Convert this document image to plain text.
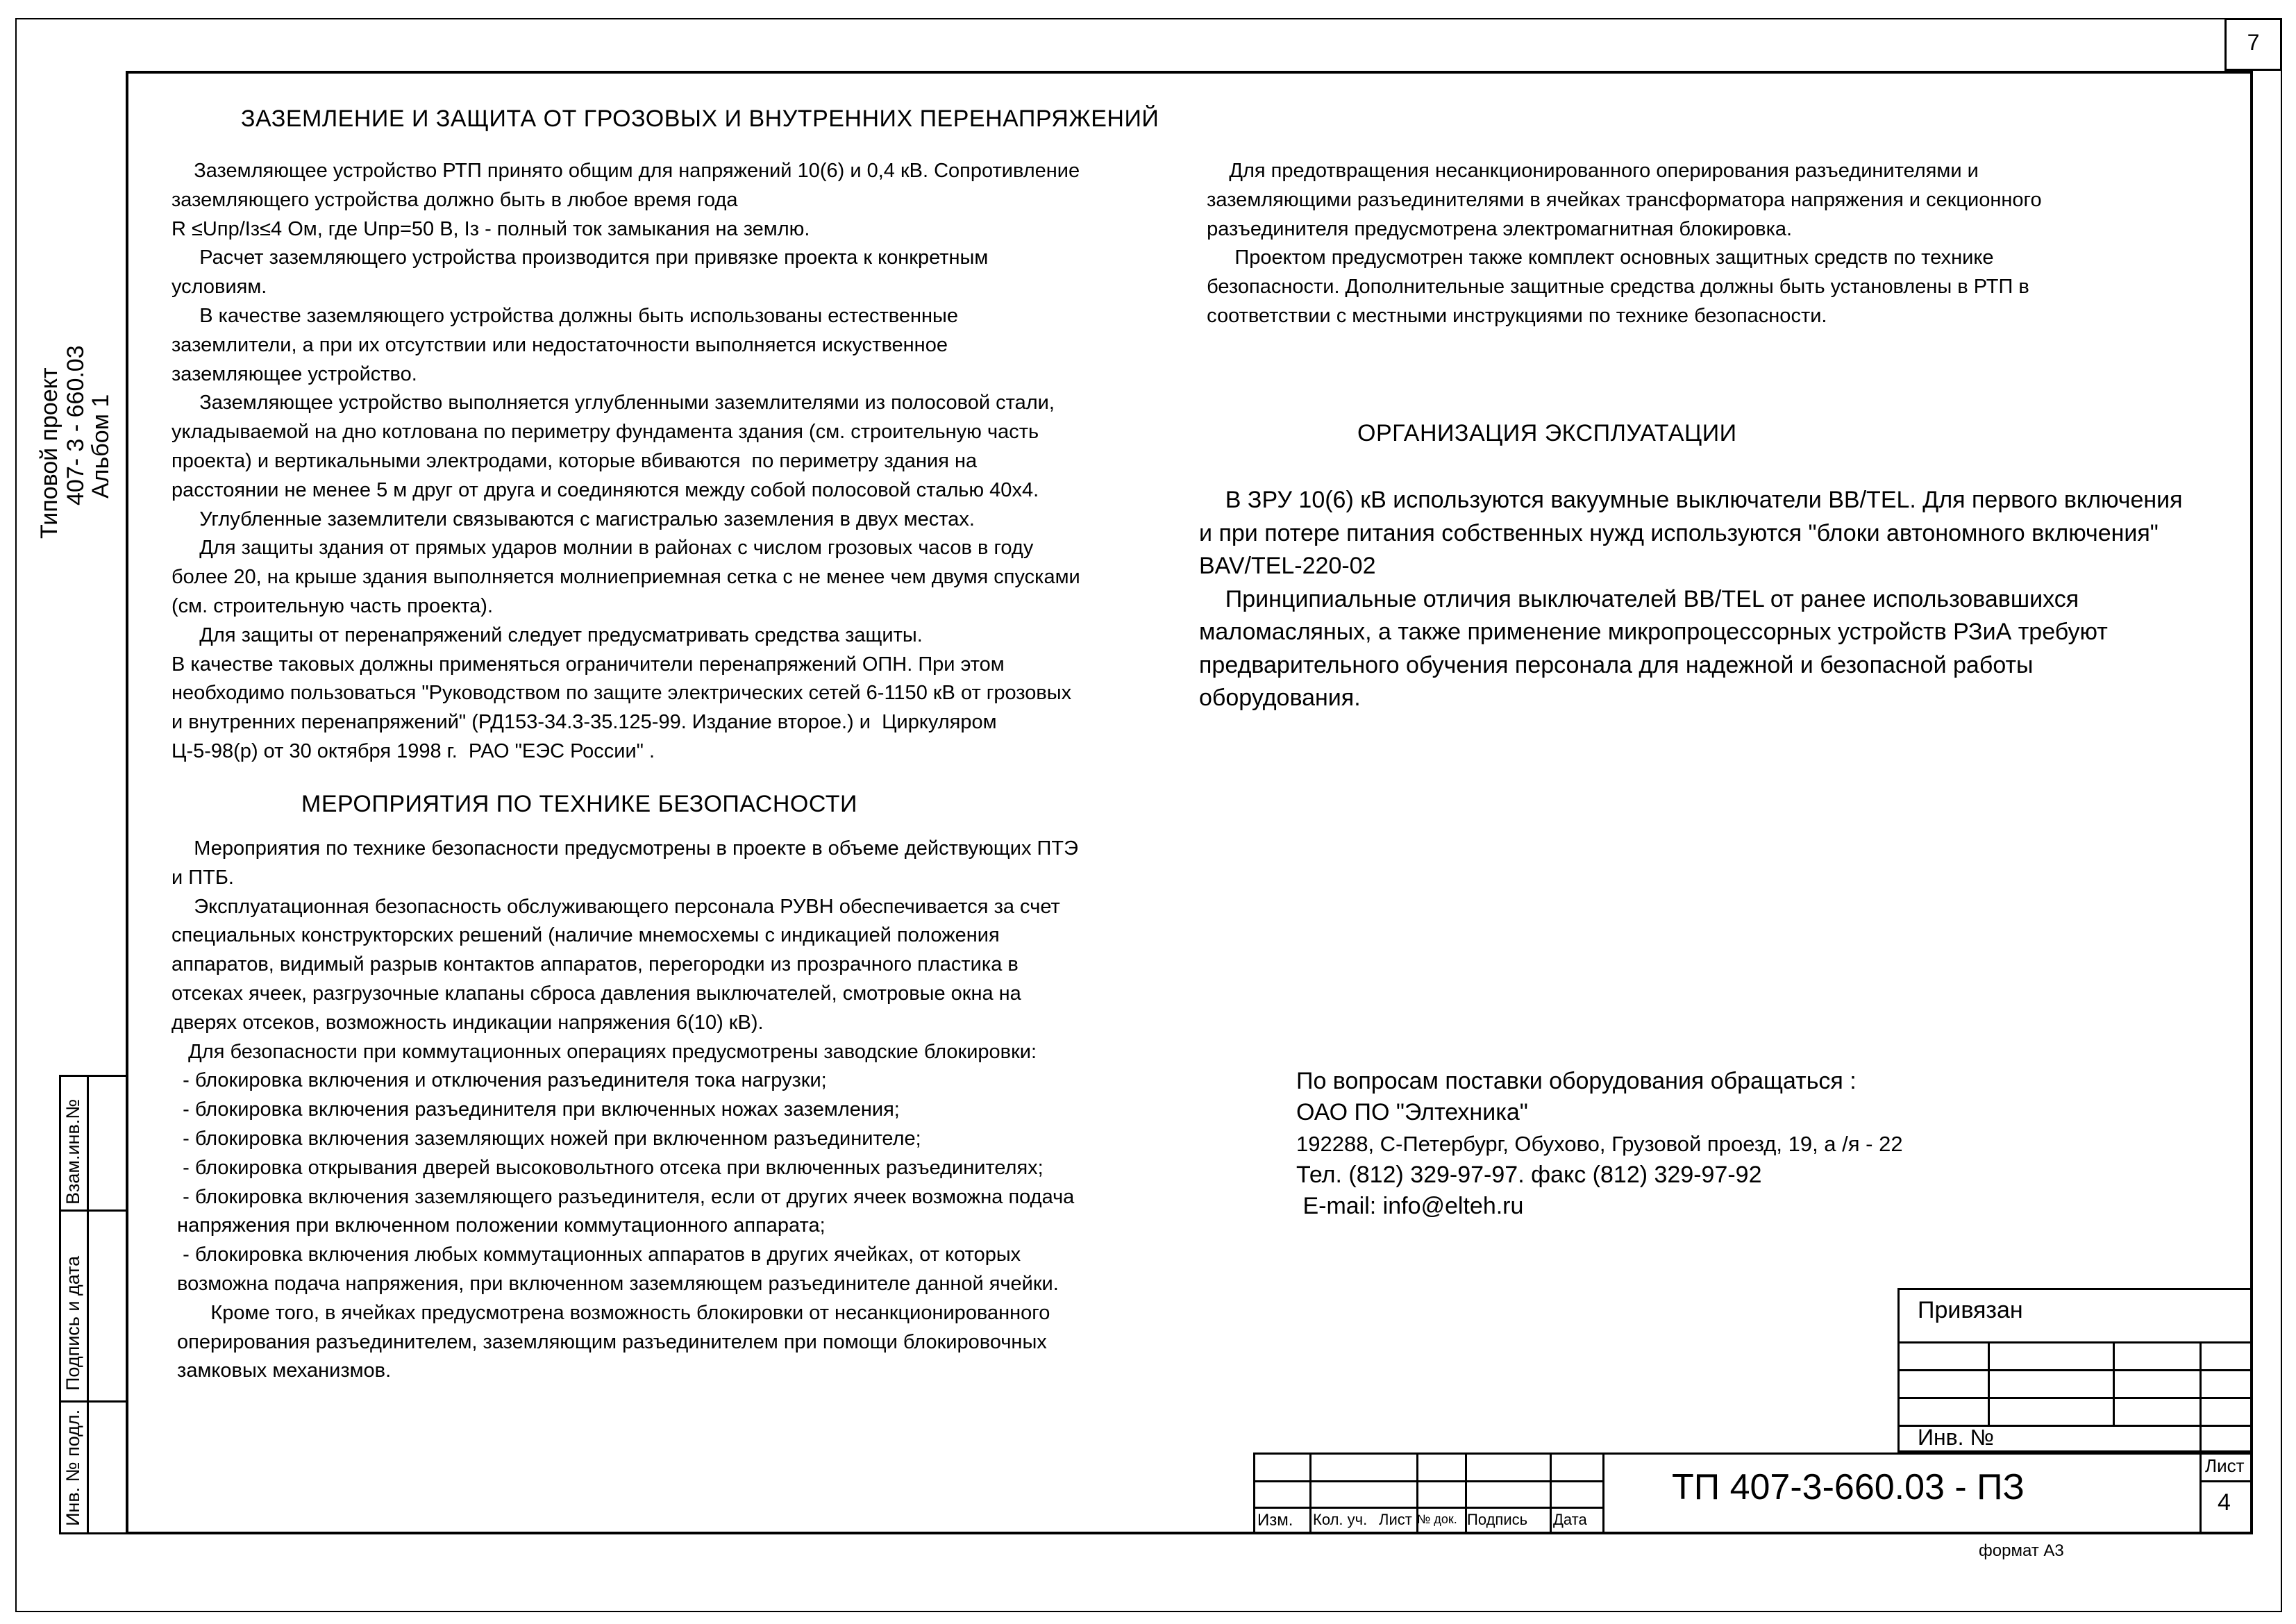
7
Типовой проект 407- 3 - 660.03
Альбом 1
Взам.инв.№
Подпись и дата
Инв. № подл.
ЗАЗЕМЛЕНИЕ И ЗАЩИТА ОТ ГРОЗОВЫХ И ВНУТРЕННИХ ПЕРЕНАПРЯЖЕНИЙ

Заземляющее устройство РТП принято общим для напряжений 10(6) и 0,4 кВ. Сопротивление

заземляющего устройства должно быть в любое время года

R ≤Uпр/Iз≤4 Ом, где Uпр=50 В, Iз - полный ток замыкания на землю.

Расчет заземляющего устройства производится при привязке проекта к конкретным

условиям.

В качестве заземляющего устройства должны быть использованы естественные

заземлители, а при их отсутствии или недостаточности выполняется искуственное

заземляющее устройство.

Заземляющее устройство выполняется углубленными заземлителями из полосовой стали,

укладываемой на дно котлована по периметру фундамента здания (см. строительную часть

проекта) и вертикальными электродами, которые вбиваются  по периметру здания на

расстоянии не менее 5 м друг от друга и соединяются между собой полосовой сталью 40х4.

Углубленные заземлители связываются с магистралью заземления в двух местах.

Для защиты здания от прямых ударов молнии в районах с числом грозовых часов в году

более 20, на крыше здания выполняется молниеприемная сетка с не менее чем двумя спусками

(см. строительную часть проекта).

Для защиты от перенапряжений следует предусматривать средства защиты.

В качестве таковых должны применяться ограничители перенапряжений ОПН. При этом

необходимо пользоваться "Руководством по защите электрических сетей 6-1150 кВ от грозовых

и внутренних перенапряжений" (РД153-34.3-35.125-99. Издание второе.) и  Циркуляром

Ц-5-98(р) от 30 октября 1998 г.  РАО "ЕЭС России" .

МЕРОПРИЯТИЯ ПО ТЕХНИКЕ БЕЗОПАСНОСТИ

Мероприятия по технике безопасности предусмотрены в проекте в объеме действующих ПТЭ

и ПТБ.

Эксплуатационная безопасность обслуживающего персонала РУВН обеспечивается за счет

специальных конструкторских решений (наличие мнемосхемы с индикацией положения

аппаратов, видимый разрыв контактов аппаратов, перегородки из прозрачного пластика в

отсеках ячеек, разгрузочные клапаны сброса давления выключателей, смотровые окна на

дверях отсеков, возможность индикации напряжения 6(10) кВ).

Для безопасности при коммутационных операциях предусмотрены заводские блокировки:

- блокировка включения и отключения разъединителя тока нагрузки;

- блокировка включения разъединителя при включенных ножах заземления;

- блокировка включения заземляющих ножей при включенном разъединителе;

- блокировка открывания дверей высоковольтного отсека при включенных разъединителях;

- блокировка включения заземляющего разъединителя, если от других ячеек возможна подача

напряжения при включенном положении коммутационного аппарата;

- блокировка включения любых коммутационных аппаратов в других ячейках, от которых

возможна подача напряжения, при включенном заземляющем разъединителе данной ячейки.

Кроме того, в ячейках предусмотрена возможность блокировки от несанкционированного

оперирования разъединителем, заземляющим разъединителем при помощи блокировочных

замковых механизмов.

Для предотвращения несанкционированного оперирования разъединителями и

заземляющими разъединителями в ячейках трансформатора напряжения и секционного

разъединителя предусмотрена электромагнитная блокировка.

Проектом предусмотрен также комплект основных защитных средств по технике

безопасности. Дополнительные защитные средства должны быть установлены в РТП в

соответствии с местными инструкциями по технике безопасности.

ОРГАНИЗАЦИЯ ЭКСПЛУАТАЦИИ

В ЗРУ 10(6) кВ используются вакуумные выключатели ВВ/TEL. Для первого включения

и при потере питания собственных нужд используются "блоки автономного включения"

BAV/TEL-220-02

Принципиальные отличия выключателей ВВ/TEL от ранее использовавшихся

маломасляных, а также применение микропроцессорных устройств РЗиА требуют

предварительного обучения персонала для надежной и безопасной работы

оборудования.

По вопросам поставки оборудования обращаться :

ОАО ПО "Элтехника"

192288, С-Петербург, Обухово, Грузовой проезд, 19, а /я - 22

Тел. (812) 329-97-97. факс (812) 329-97-92

E-mail: info@elteh.ru

Привязан
Инв. №
Изм. Кол. уч. Лист № док. Подпись Дата
ТП 407-3-660.03 - ПЗ
Лист
4
формат А3
